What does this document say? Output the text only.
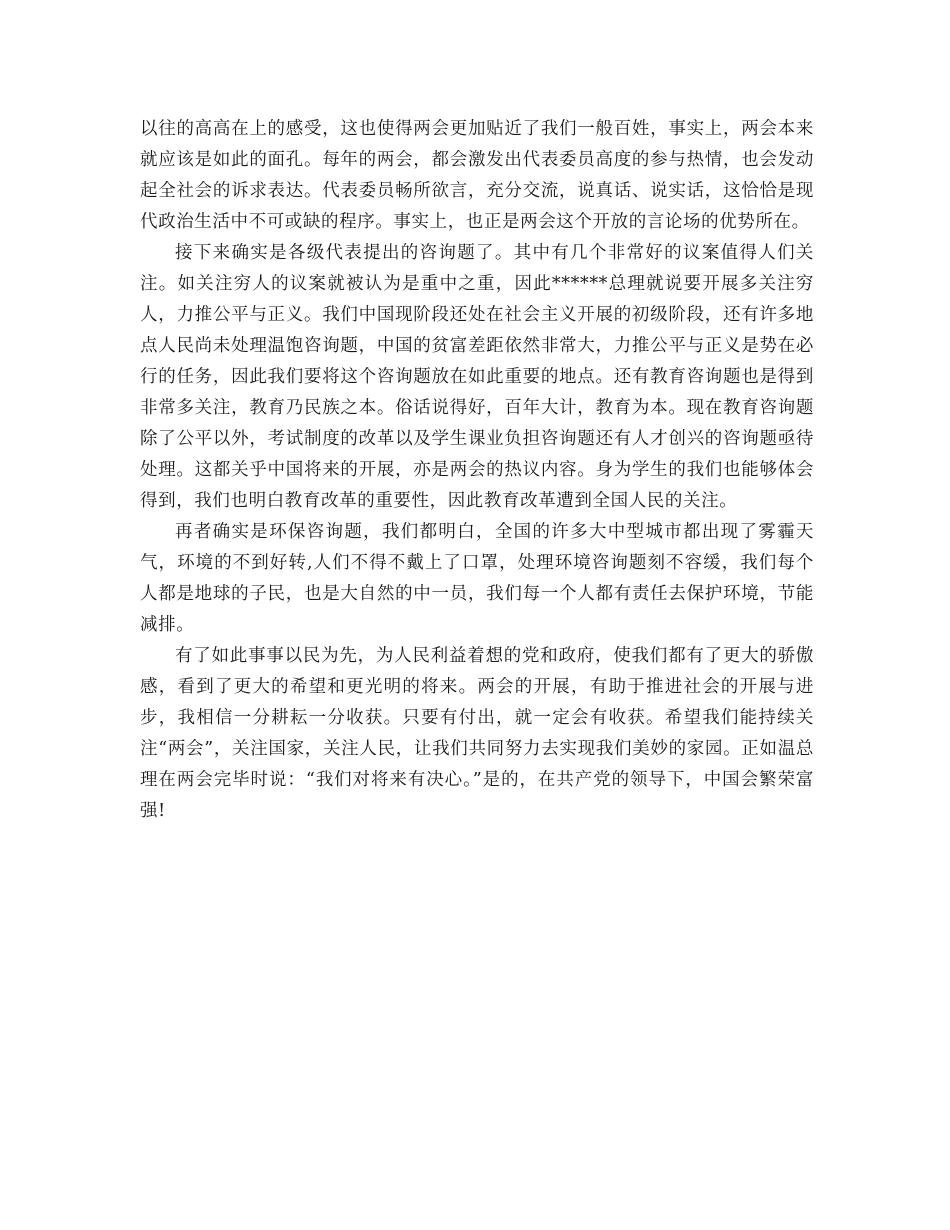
以往的高高在上的感受，这也使得两会更加贴近了我们一般百姓，事实上，两会本来就应该是如此的面孔。每年的两会，都会激发出代表委员高度的参与热情，也会发动起全社会的诉求表达。代表委员畅所欲言，充分交流，说真话、说实话，这恰恰是现代政治生活中不可或缺的程序。事实上，也正是两会这个开放的言论场的优势所在。

接下来确实是各级代表提出的咨询题了。其中有几个非常好的议案值得人们关注。如关注穷人的议案就被认为是重中之重，因此******总理就说要开展多关注穷人，力推公平与正义。我们中国现阶段还处在社会主义开展的初级阶段，还有许多地点人民尚未处理温饱咨询题，中国的贫富差距依然非常大，力推公平与正义是势在必行的任务，因此我们要将这个咨询题放在如此重要的地点。还有教育咨询题也是得到非常多关注，教育乃民族之本。俗话说得好，百年大计，教育为本。现在教育咨询题除了公平以外，考试制度的改革以及学生课业负担咨询题还有人才创兴的咨询题亟待处理。这都关乎中国将来的开展，亦是两会的热议内容。身为学生的我们也能够体会得到，我们也明白教育改革的重要性，因此教育改革遭到全国人民的关注。

再者确实是环保咨询题，我们都明白，全国的许多大中型城市都出现了雾霾天气，环境的不到好转,人们不得不戴上了口罩，处理环境咨询题刻不容缓，我们每个人都是地球的子民，也是大自然的中一员，我们每一个人都有责任去保护环境，节能减排。

有了如此事事以民为先，为人民利益着想的党和政府，使我们都有了更大的骄傲感，看到了更大的希望和更光明的将来。两会的开展，有助于推进社会的开展与进步，我相信一分耕耘一分收获。只要有付出，就一定会有收获。希望我们能持续关注“两会”，关注国家，关注人民，让我们共同努力去实现我们美妙的家园。正如温总理在两会完毕时说：“我们对将来有决心。”是的，在共产党的领导下，中国会繁荣富强!
